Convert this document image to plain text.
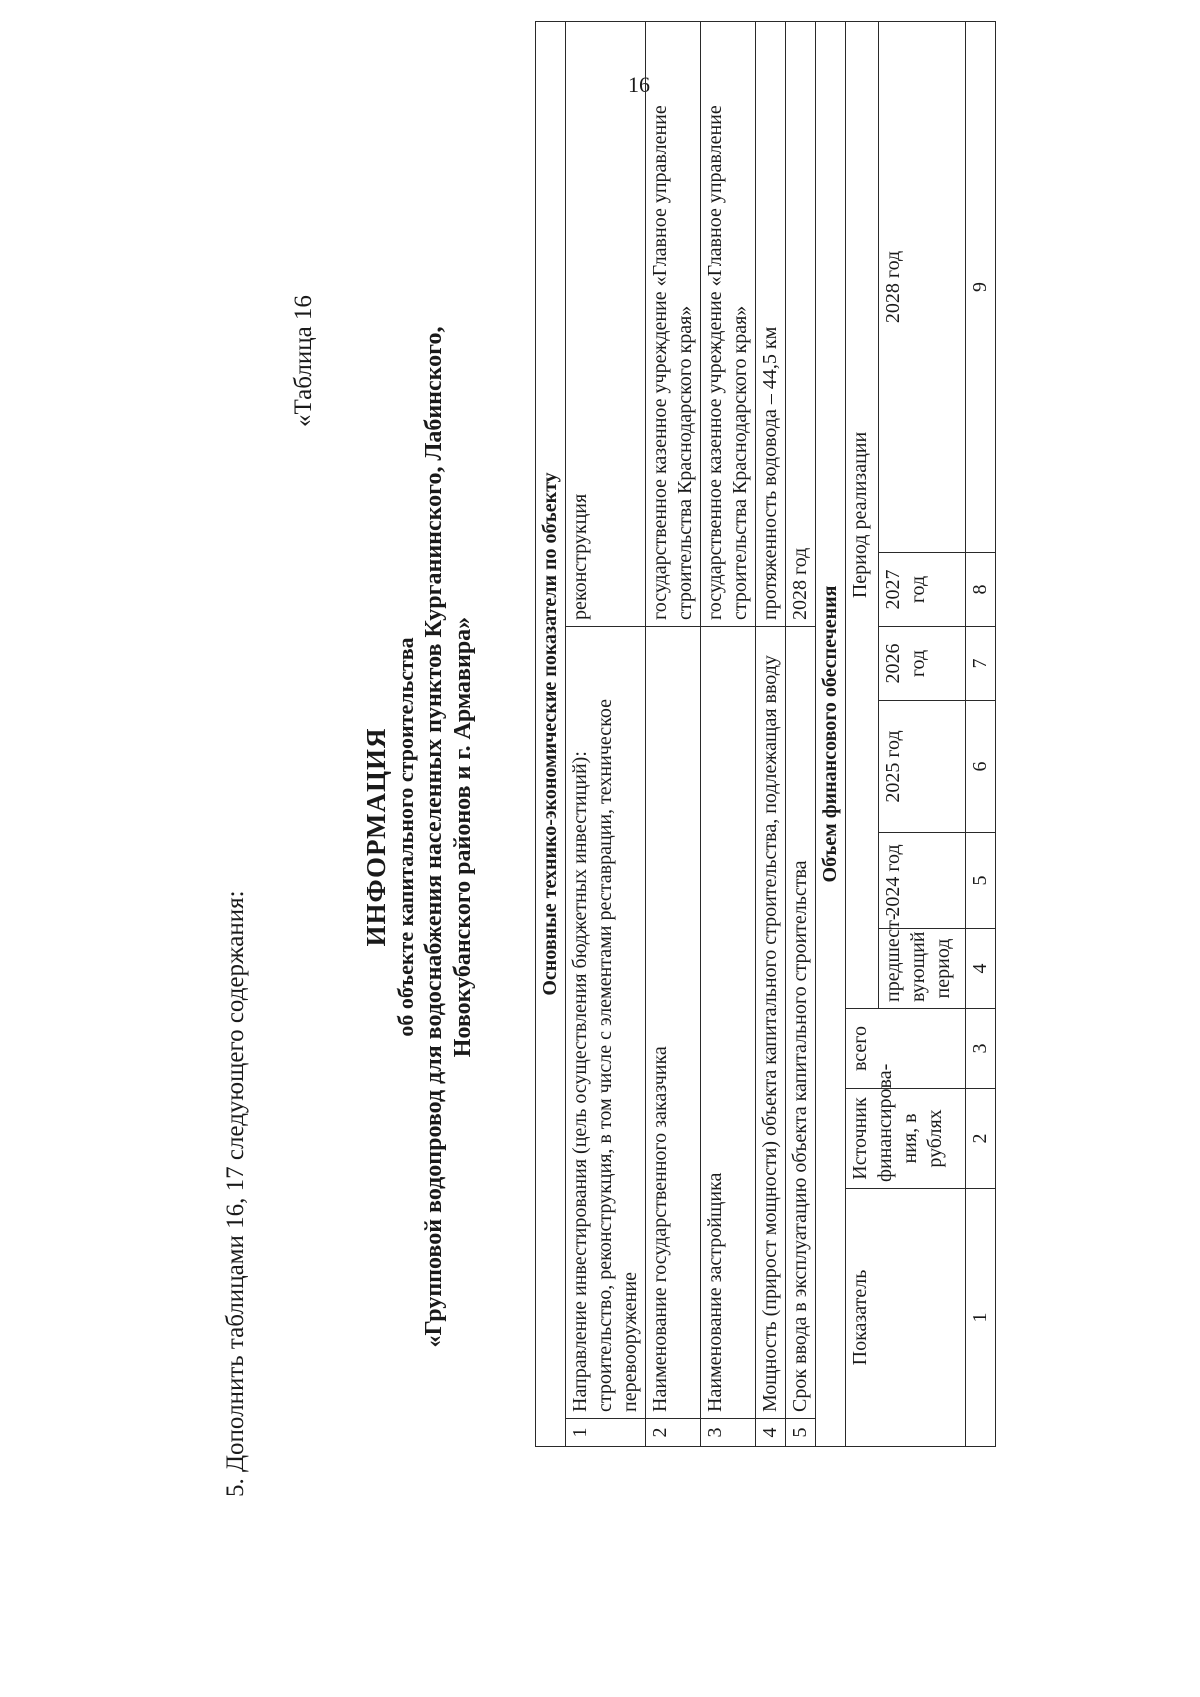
16
5. Дополнить таблицами 16, 17 следующего содержания:
«Таблица 16
ИНФОРМАЦИЯ об объекте капитального строительства «Групповой водопровод для водоснабжения населенных пунктов Курганинского, Лабинского, Новокубанского районов и г. Армавира»	Основные технико-экономические показатели по объекту									
1	Направление инвестирования (цель осуществления бюджетных инвестиций): строительство, реконструкция, в том числе с элементами реставрации, техническое перевооружение							реконструкция	
2	Наименование государственного заказчика							государственное казенное учреждение «Главное управление строительства Краснодарского края»	
3	Наименование застройщика							государственное казенное учреждение «Главное управление строительства Краснодарского края»	
4	Мощность (прирост мощности) объекта капитального строительства, подлежащая вводу							протяженность водовода – 44,5 км	
5	Срок ввода в эксплуатацию объекта капитального строительства							2028 год	
Объем финансового обеспечения									
Показатель		Источник финансирова-ния, в рублях	всего	Период реализации					
				предшест-вующий период	2024 год	2025 год	2026 год	2027 год	2028 год
1		2	3	4	5	6	7	8	9
